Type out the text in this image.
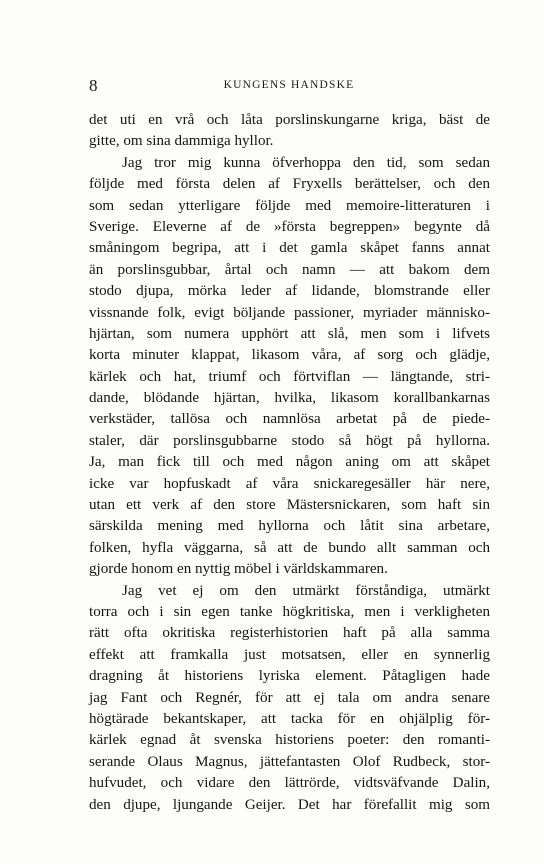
8	KUNGENS HANDSKE
det uti en vrå och låta porslinskungarne kriga, bäst de
gitte, om sina dammiga hyllor.
Jag tror mig kunna öfverhoppa den tid, som sedan
följde med första delen af Fryxells berättelser, och den
som sedan ytterligare följde med memoire-litteraturen i
Sverige. Eleverne af de »första begreppen» begynte då
småningom begripa, att i det gamla skåpet fanns annat
än porslinsgubbar, årtal och namn — att bakom dem
stodo djupa, mörka leder af lidande, blomstrande eller
vissnande folk, evigt böljande passioner, myriader människo-
hjärtan, som numera upphört att slå, men som i lifvets
korta minuter klappat, likasom våra, af sorg och glädje,
kärlek och hat, triumf och förtviflan — längtande, stri-
dande, blödande hjärtan, hvilka, likasom korallbankarnas
verkstäder, tallösa och namnlösa arbetat på de piede-
staler, där porslinsgubbarne stodo så högt på hyllorna.
Ja, man fick till och med någon aning om att skåpet
icke var hopfuskadt af våra snickaregesäller här nere,
utan ett verk af den store Mästersnickaren, som haft sin
särskilda mening med hyllorna och låtit sina arbetare,
folken, hyfla väggarna, så att de bundo allt samman och
gjorde honom en nyttig möbel i världskammaren.
Jag vet ej om den utmärkt förståndiga, utmärkt
torra och i sin egen tanke högkritiska, men i verkligheten
rätt ofta okritiska registerhistorien haft på alla samma
effekt att framkalla just motsatsen, eller en synnerlig
dragning åt historiens lyriska element. Påtagligen hade
jag Fant och Regnér, för att ej tala om andra senare
högtärade bekantskaper, att tacka för en ohjälplig för-
kärlek egnad åt svenska historiens poeter: den romanti-
serande Olaus Magnus, jättefantasten Olof Rudbeck, stor-
hufvudet, och vidare den lättrörde, vidtsväfvande Dalin,
den djupe, ljungande Geijer. Det har förefallit mig som
